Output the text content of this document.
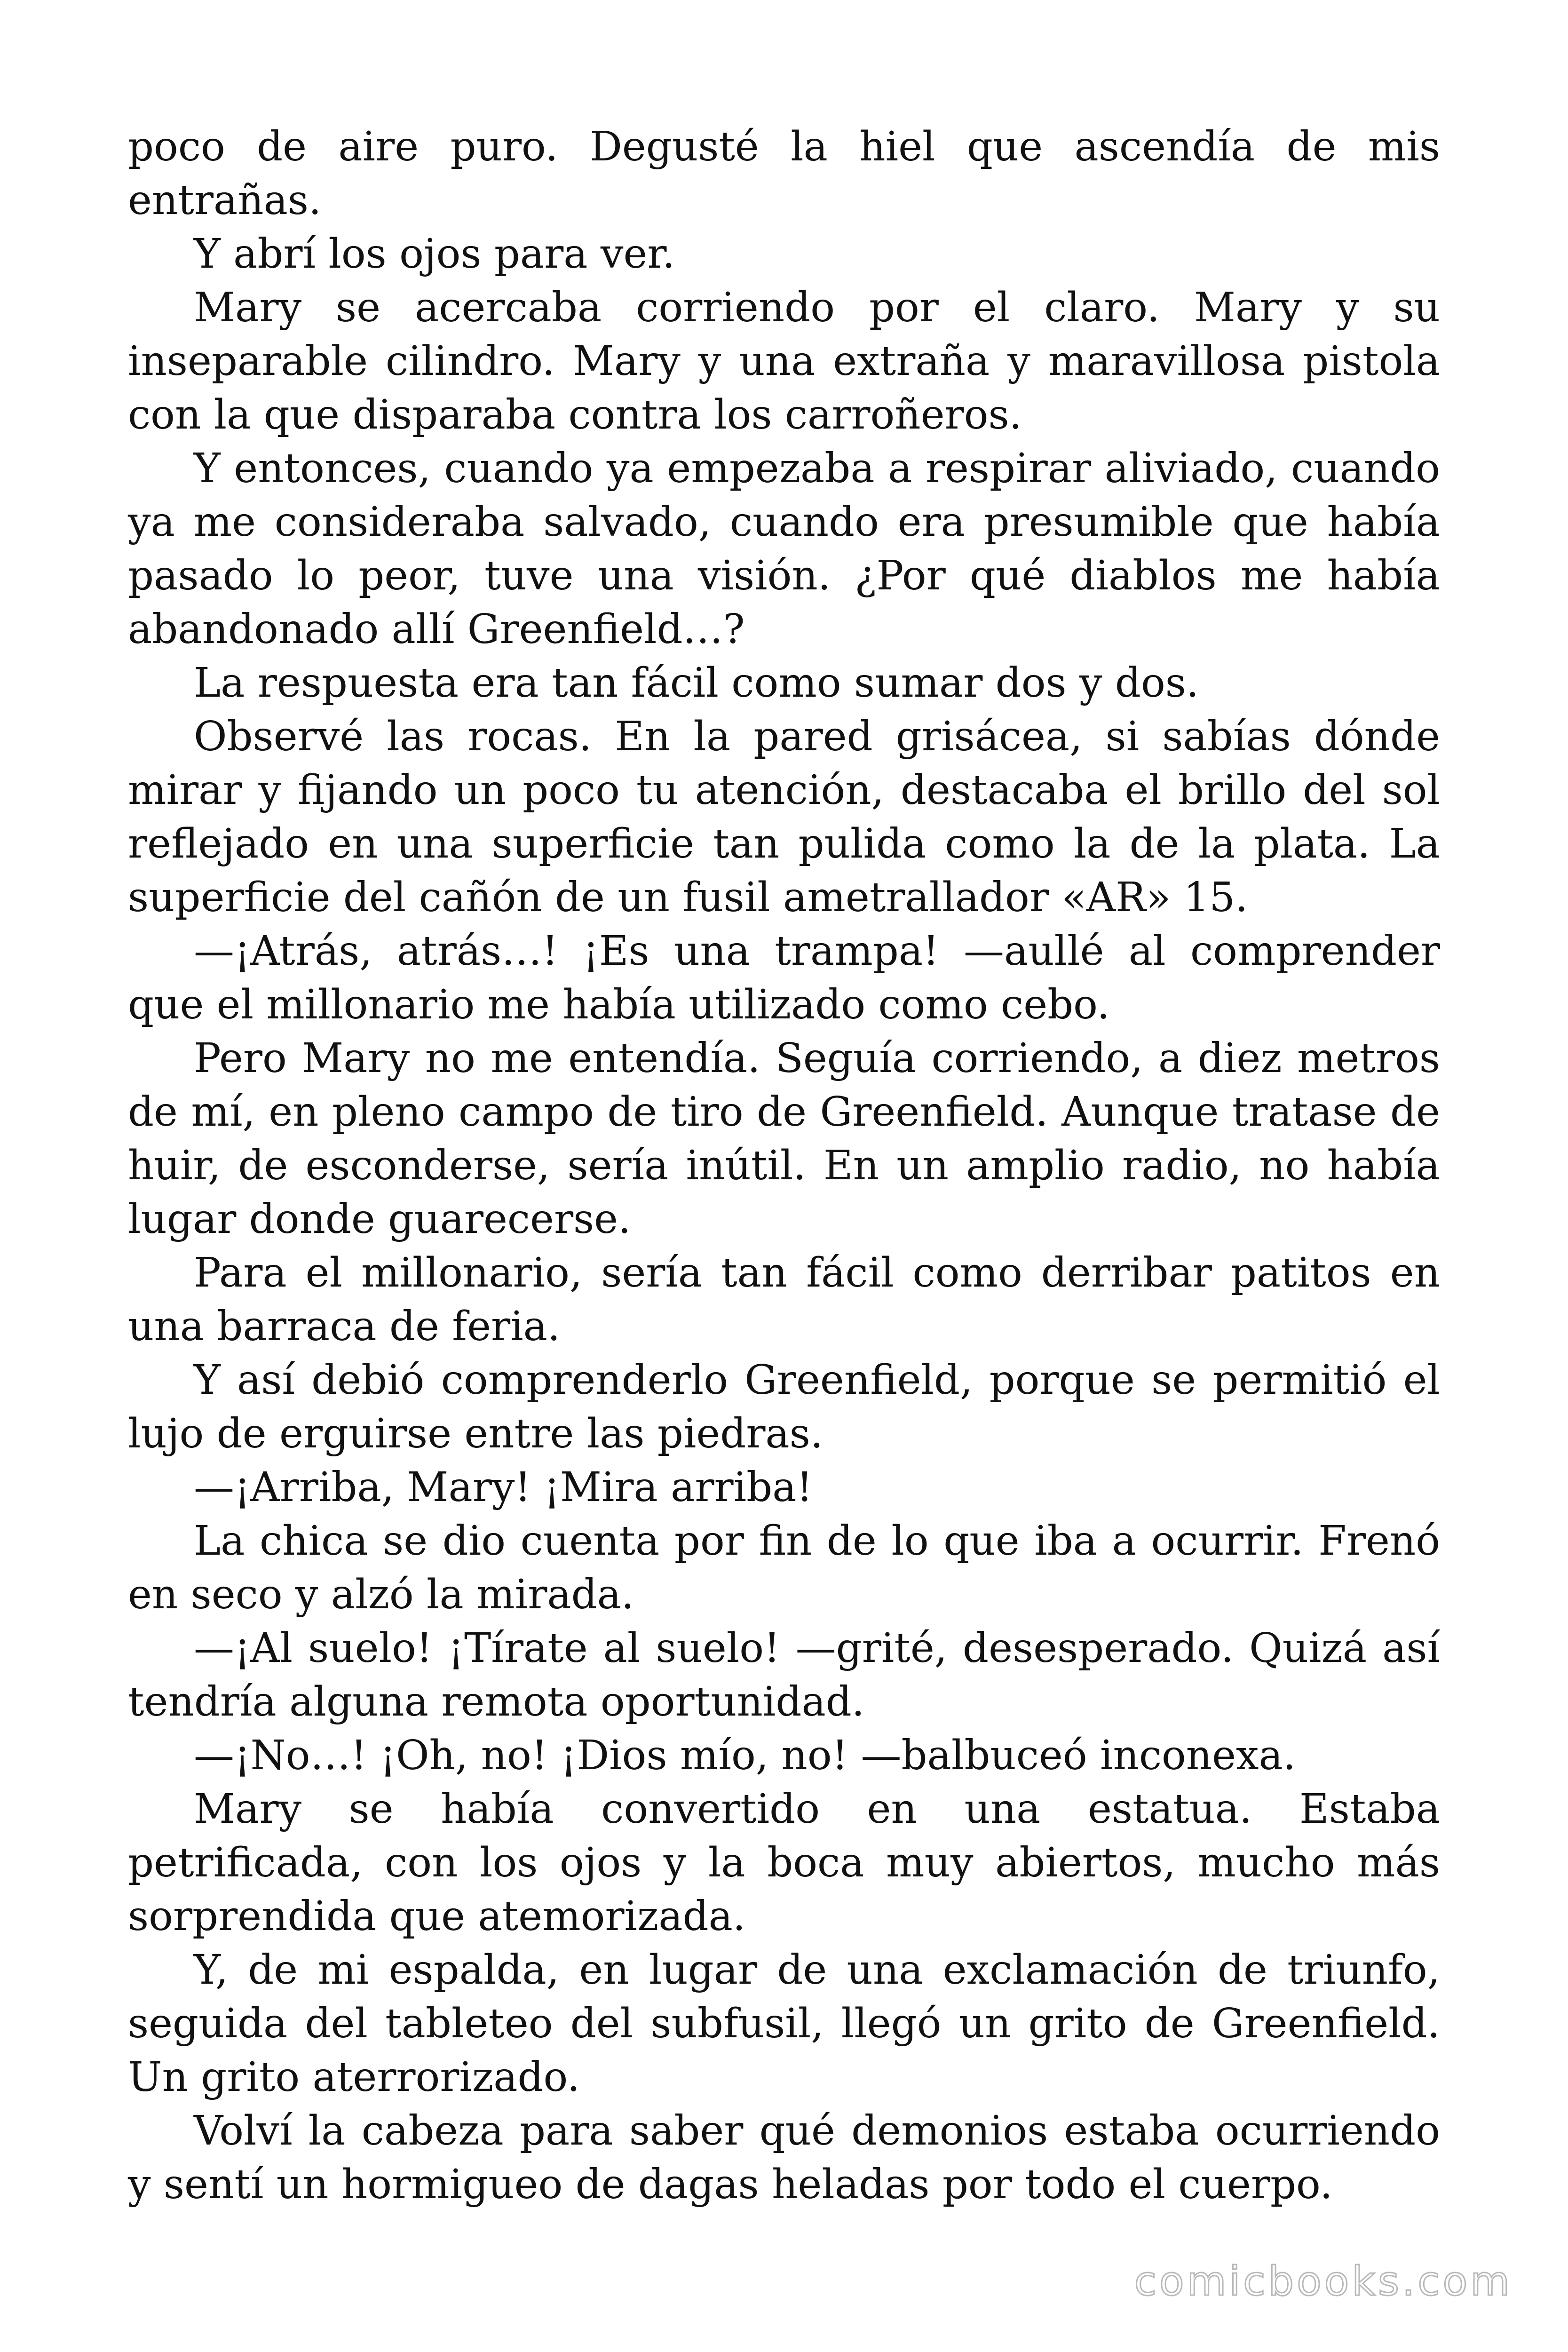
poco de aire puro. Degusté la hiel que ascendía de mis entrañas.

Y abrí los ojos para ver.

Mary se acercaba corriendo por el claro. Mary y su inseparable cilindro. Mary y una extraña y maravillosa pistola con la que disparaba contra los carroñeros.

Y entonces, cuando ya empezaba a respirar aliviado, cuando ya me consideraba salvado, cuando era presumible que había pasado lo peor, tuve una visión. ¿Por qué diablos me había abandonado allí Greenfield…?

La respuesta era tan fácil como sumar dos y dos.

Observé las rocas. En la pared grisácea, si sabías dónde mirar y fijando un poco tu atención, destacaba el brillo del sol reflejado en una superficie tan pulida como la de la plata. La superficie del cañón de un fusil ametrallador «AR» 15.

—¡Atrás, atrás…! ¡Es una trampa! —aullé al comprender que el millonario me había utilizado como cebo.

Pero Mary no me entendía. Seguía corriendo, a diez metros de mí, en pleno campo de tiro de Greenfield. Aunque tratase de huir, de esconderse, sería inútil. En un amplio radio, no había lugar donde guarecerse.

Para el millonario, sería tan fácil como derribar patitos en una barraca de feria.

Y así debió comprenderlo Greenfield, porque se permitió el lujo de erguirse entre las piedras.

—¡Arriba, Mary! ¡Mira arriba!

La chica se dio cuenta por fin de lo que iba a ocurrir. Frenó en seco y alzó la mirada.

—¡Al suelo! ¡Tírate al suelo! —grité, desesperado. Quizá así tendría alguna remota oportunidad.

—¡No…! ¡Oh, no! ¡Dios mío, no! —balbuceó inconexa.

Mary se había convertido en una estatua. Estaba petrificada, con los ojos y la boca muy abiertos, mucho más sorprendida que atemorizada.

Y, de mi espalda, en lugar de una exclamación de triunfo, seguida del tableteo del subfusil, llegó un grito de Greenfield. Un grito aterrorizado.

Volví la cabeza para saber qué demonios estaba ocurriendo y sentí un hormigueo de dagas heladas por todo el cuerpo.

comicbooks.com
